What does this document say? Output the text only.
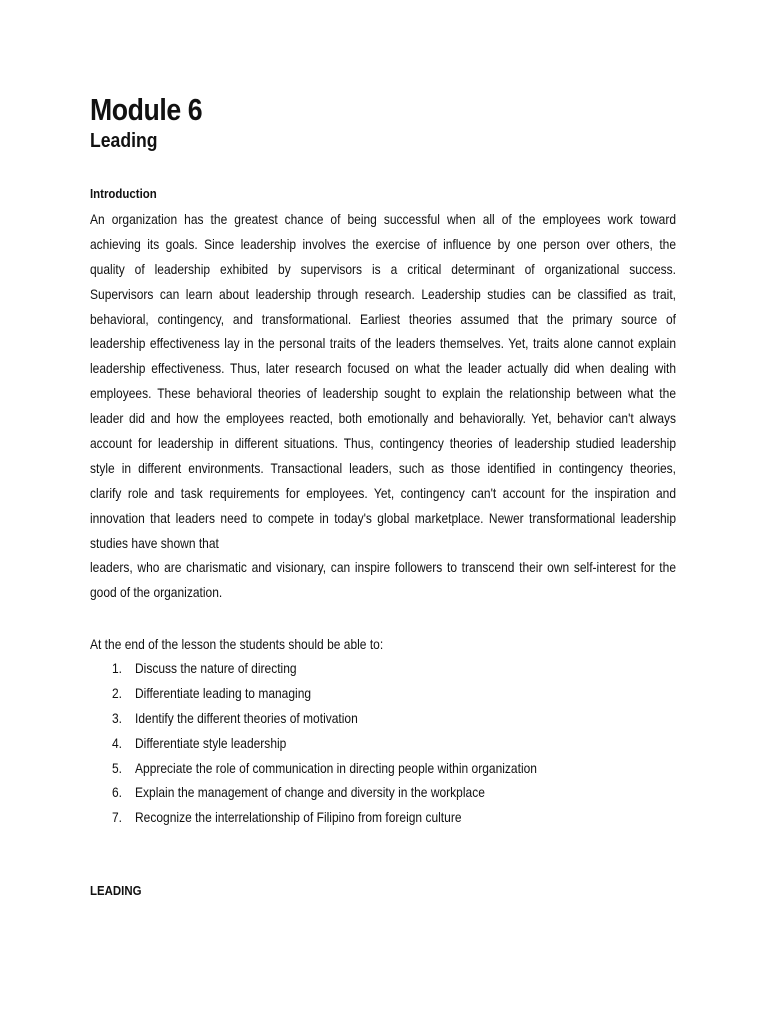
Module 6
Leading
Introduction
An organization has the greatest chance of being successful when all of the employees work toward
achieving its goals. Since leadership involves the exercise of influence by one person over others, the
quality of leadership exhibited by supervisors is a critical determinant of organizational success.
Supervisors can learn about leadership through research. Leadership studies can be classified as trait,
behavioral, contingency, and transformational. Earliest theories assumed that the primary source of
leadership effectiveness lay in the personal traits of the leaders themselves. Yet, traits alone cannot explain
leadership effectiveness. Thus, later research focused on what the leader actually did when dealing with
employees. These behavioral theories of leadership sought to explain the relationship between what the
leader did and how the employees reacted, both emotionally and behaviorally. Yet, behavior can't always
account for leadership in different situations. Thus, contingency theories of leadership studied leadership
style in different environments. Transactional leaders, such as those identified in contingency theories,
clarify role and task requirements for employees. Yet, contingency can't account for the inspiration and
innovation that leaders need to compete in today's global marketplace. Newer transformational leadership
studies have shown that
leaders, who are charismatic and visionary, can inspire followers to transcend their own self-interest for the
good of the organization.
At the end of the lesson the students should be able to:
1. Discuss the nature of directing
2. Differentiate leading to managing
3. Identify the different theories of motivation
4. Differentiate style leadership
5. Appreciate the role of communication in directing people within organization
6. Explain the management of change and diversity in the workplace
7. Recognize the interrelationship of Filipino from foreign culture
LEADING
